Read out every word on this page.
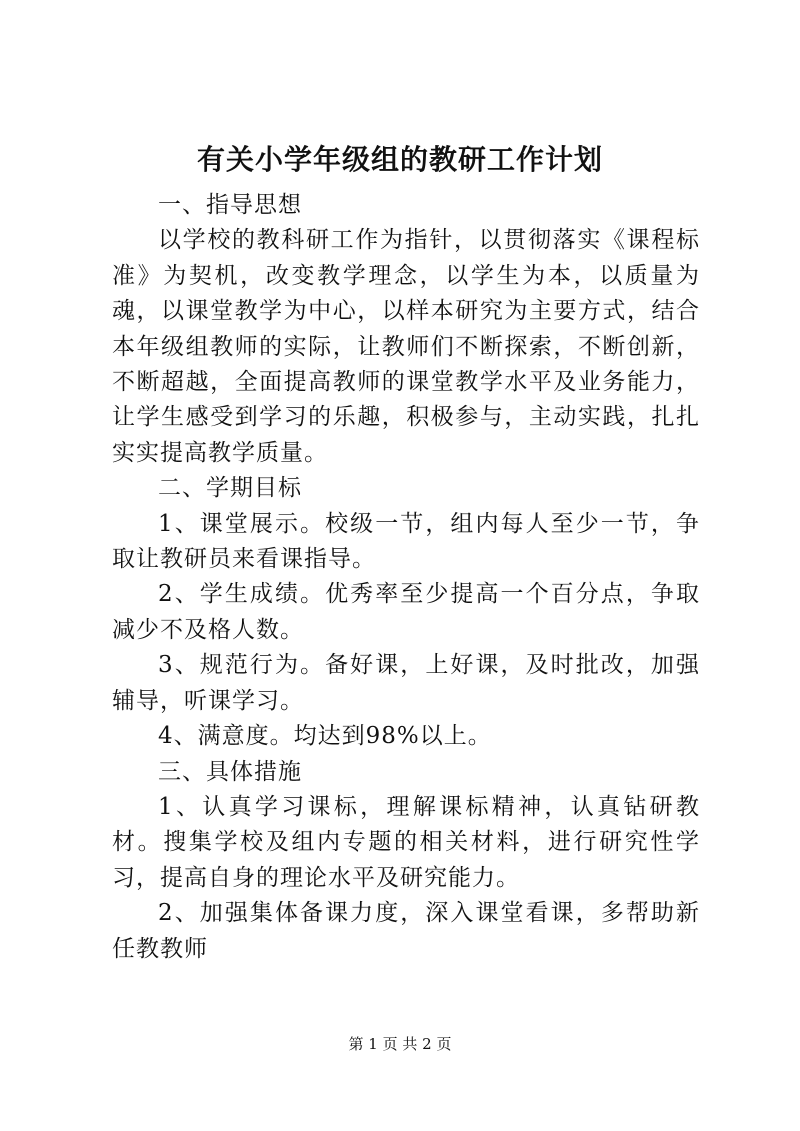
有关小学年级组的教研工作计划

一、指导思想

以学校的教科研工作为指针，以贯彻落实《课程标准》为契机，改变教学理念，以学生为本，以质量为魂，以课堂教学为中心，以样本研究为主要方式，结合本年级组教师的实际，让教师们不断探索，不断创新，不断超越，全面提高教师的课堂教学水平及业务能力，让学生感受到学习的乐趣，积极参与，主动实践，扎扎实实提高教学质量。

二、学期目标

1、课堂展示。校级一节，组内每人至少一节，争取让教研员来看课指导。

2、学生成绩。优秀率至少提高一个百分点，争取减少不及格人数。

3、规范行为。备好课，上好课，及时批改，加强辅导，听课学习。

4、满意度。均达到98%以上。

三、具体措施

1、认真学习课标，理解课标精神，认真钻研教材。搜集学校及组内专题的相关材料，进行研究性学习，提高自身的理论水平及研究能力。

2、加强集体备课力度，深入课堂看课，多帮助新任教教师

第 1 页 共 2 页
